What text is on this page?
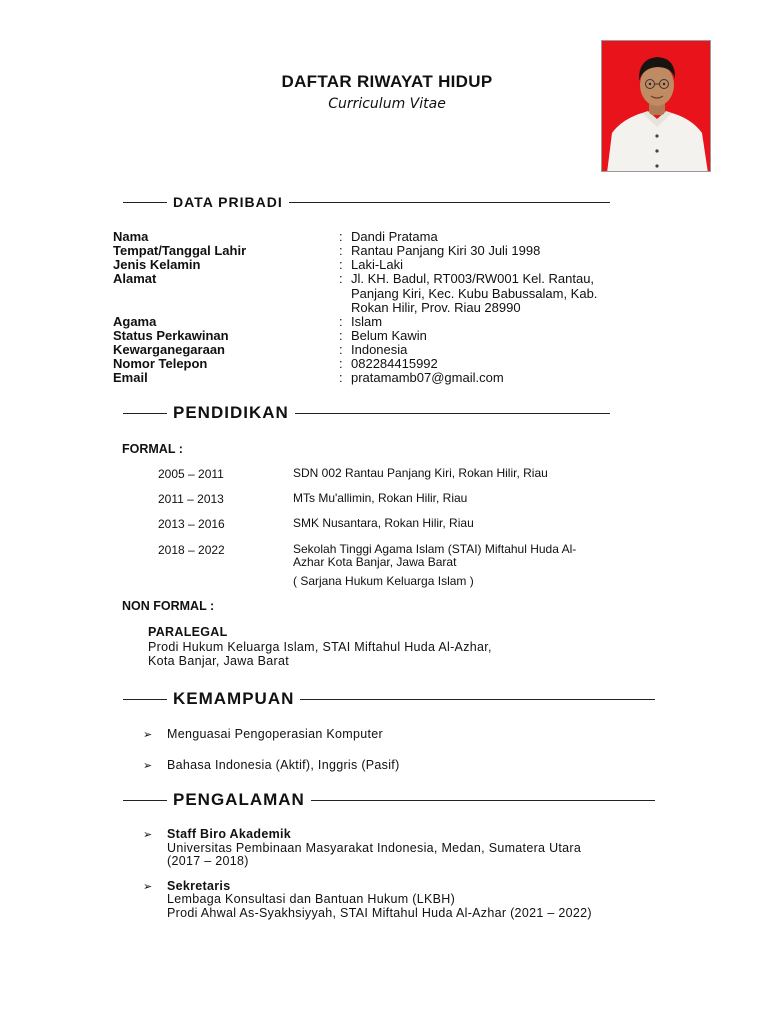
DAFTAR RIWAYAT HIDUP
Curriculum Vitae
DATA PRIBADI
Nama	: Dandi Pratama
Tempat/Tanggal Lahir	: Rantau Panjang Kiri 30 Juli 1998
Jenis Kelamin	: Laki-Laki
Alamat	: Jl. KH. Badul, RT003/RW001 Kel. Rantau,
Panjang Kiri, Kec. Kubu Babussalam, Kab.
Rokan Hilir, Prov. Riau 28990
Agama	: Islam
Status Perkawinan	: Belum Kawin
Kewarganegaraan	: Indonesia
Nomor Telepon	: 082284415992
Email	: pratamamb07@gmail.com
PENDIDIKAN
FORMAL :
2005 – 2011	SDN 002 Rantau Panjang Kiri, Rokan Hilir, Riau
2011 – 2013	MTs Mu'allimin, Rokan Hilir, Riau
2013 – 2016	SMK Nusantara, Rokan Hilir, Riau
2018 – 2022	Sekolah Tinggi Agama Islam (STAI) Miftahul Huda Al-
Azhar Kota Banjar, Jawa Barat
( Sarjana Hukum Keluarga Islam )
NON FORMAL :
PARALEGAL
Prodi Hukum Keluarga Islam, STAI Miftahul Huda Al-Azhar,
Kota Banjar, Jawa Barat
KEMAMPUAN
➢ Menguasai Pengoperasian Komputer
➢ Bahasa Indonesia (Aktif), Inggris (Pasif)
PENGALAMAN
➢ Staff Biro Akademik
Universitas Pembinaan Masyarakat Indonesia, Medan, Sumatera Utara
(2017 – 2018)
➢ Sekretaris
Lembaga Konsultasi dan Bantuan Hukum (LKBH)
Prodi Ahwal As-Syakhsiyyah, STAI Miftahul Huda Al-Azhar (2021 – 2022)
